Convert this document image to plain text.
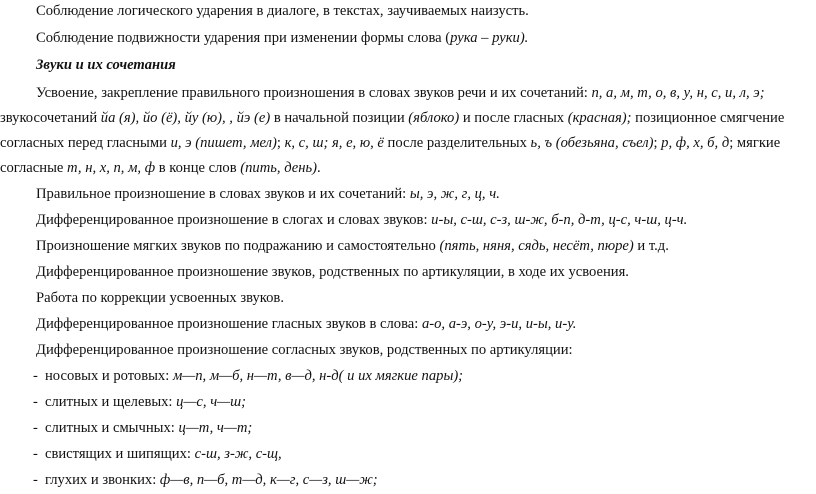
Соблюдение логического ударения в диалоге, в текстах, заучиваемых наизусть.
Соблюдение подвижности ударения при изменении формы слова (рука – руки).
Звуки и их сочетания
Усвоение, закрепление правильного произношения в словах звуков речи и их сочетаний: п, а, м, т, о, в, у, н, с, и, л, э;
звукосочетаний йа (я), йо (ё), йу (ю), , йэ (е) в начальной позиции (яблоко) и после гласных (красная); позиционное смягчение
согласных перед гласными и, э (пишет, мел); к, с, ш; я, е, ю, ё после разделительных ь, ъ (обезьяна, съел); р, ф, х, б, д; мягкие
согласные т, н, х, п, м, ф в конце слов (пить, день).
Правильное произношение в словах звуков и их сочетаний: ы, э, ж, г, ц, ч.
Дифференцированное произношение в слогах и словах звуков: и-ы, с-ш, с-з, ш-ж, б-п, д-т, ц-с, ч-ш, ц-ч.
Произношение мягких звуков по подражанию и самостоятельно (пять, няня, сядь, несёт, пюре) и т.д.
Дифференцированное произношение звуков, родственных по артикуляции, в ходе их усвоения.
Работа по коррекции усвоенных звуков.
Дифференцированное произношение гласных звуков в слова: а-о, а-э, о-у, э-и, и-ы, и-у.
Дифференцированное произношение согласных звуков, родственных по артикуляции:
- носовых и ротовых: м—п, м—б, н—т, в—д, н-д( и их мягкие пары);
- слитных и щелевых: ц—с, ч—ш;
- слитных и смычных: ц—т, ч—т;
- свистящих и шипящих: с-ш, з-ж, с-щ,
- глухих и звонких: ф—в, п—б, т—д, к—г, с—з, ш—ж;
